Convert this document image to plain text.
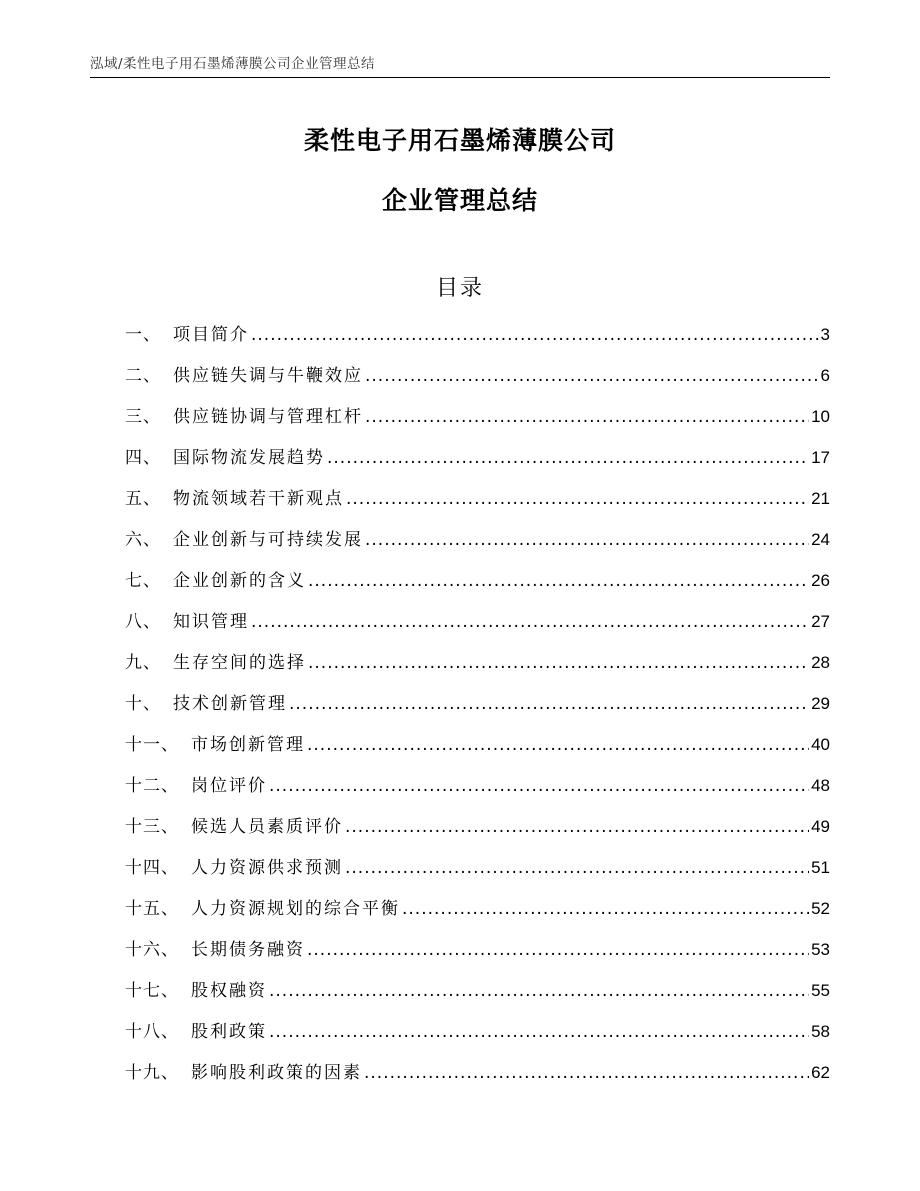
泓域/柔性电子用石墨烯薄膜公司企业管理总结
柔性电子用石墨烯薄膜公司
企业管理总结
目录
一、 项目简介 .....	3
二、 供应链失调与牛鞭效应 .....	6
三、 供应链协调与管理杠杆 .....	10
四、 国际物流发展趋势 .....	17
五、 物流领域若干新观点 .....	21
六、 企业创新与可持续发展 .....	24
七、 企业创新的含义 .....	26
八、 知识管理 .....	27
九、 生存空间的选择 .....	28
十、 技术创新管理 .....	29
十一、 市场创新管理 .....	40
十二、 岗位评价 .....	48
十三、 候选人员素质评价 .....	49
十四、 人力资源供求预测 .....	51
十五、 人力资源规划的综合平衡 .....	52
十六、 长期债务融资 .....	53
十七、 股权融资 .....	55
十八、 股利政策 .....	58
十九、 影响股利政策的因素 .....	62
